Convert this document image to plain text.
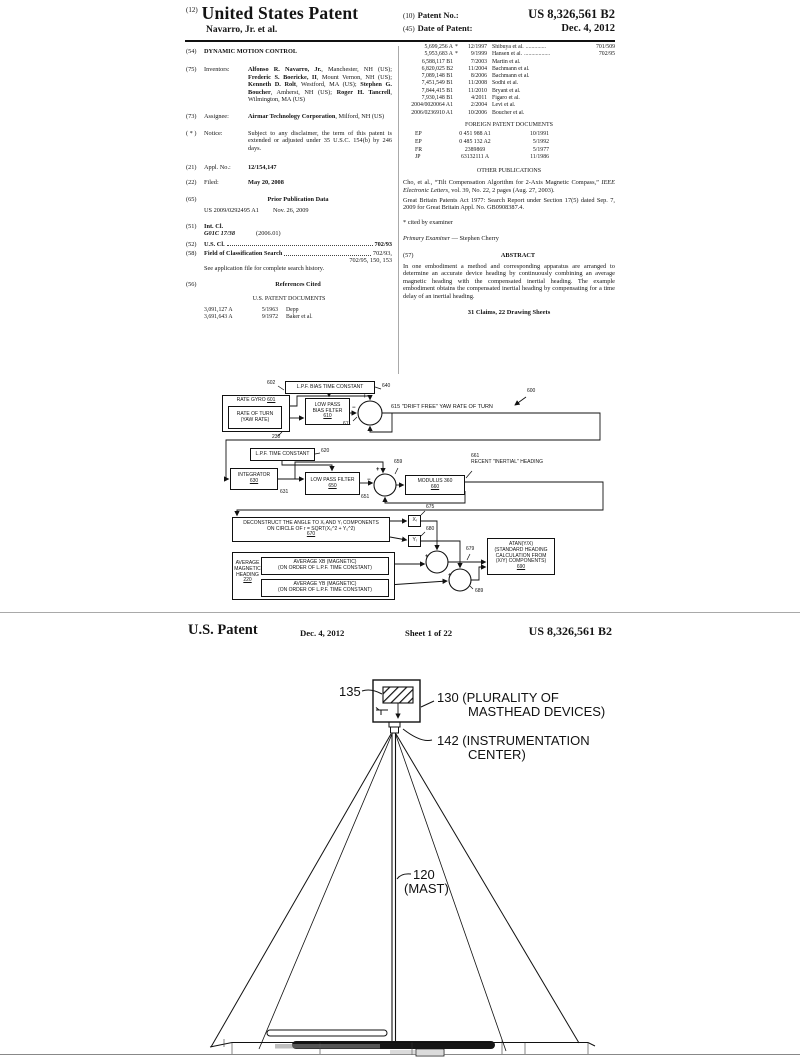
$^{(12)}$ United States Patent
Navarro, Jr. et al.
(10) Patent No.:	US 8,326,561 B2
(45) Date of Patent:	Dec. 4, 2012
(54)	DYNAMIC MOTION CONTROL
(75)	Inventors:	Alfonso R. Navarro, Jr., Manchester, NH (US); Frederic S. Boericke, II, Mount Vernon, NH (US); Kenneth D. Rolt, Westford, MA (US); Stephen G. Boucher, Amherst, NH (US); Roger H. Tancrell, Wilmington, MA (US)
(73)	Assignee:	Airmar Technology Corporation, Milford, NH (US)
( * )	Notice:	Subject to any disclaimer, the term of this patent is extended or adjusted under 35 U.S.C. 154(b) by 246 days.
(21)	Appl. No.:	12/154,147
(22)	Filed:	May 20, 2008
(65)	Prior Publication Data
US 2009/0292495 A1 Nov. 26, 2009
(51)	Int. Cl.
G01C 17/38	(2006.01)
(52)	U.S. Cl.	702/93
(58)	Field of Classification Search	702/93,
702/95, 150, 153
See application file for complete search history.
(56)	References Cited
U.S. PATENT DOCUMENTS
3,091,127 A	5/1963 Depp
3,691,643 A	9/1972 Baker et al.
5,699,256 A *	12/1997 Shibuya et al. ..............	701/509
5,953,683 A *	9/1999 Hansen et al. ..................	702/95
6,588,117 B1	7/2003 Martin et al.
6,820,025 B2	11/2004 Bachmann et al.
7,089,148 B1	8/2006 Bachmann et al.
7,451,549 B1	11/2008 Sodhi et al.
7,844,415 B1	11/2010 Bryant et al.
7,930,148 B1	4/2011 Figaro et al.
2004/0020064 A1	2/2004 Levi et al.
2006/0236910 A1	10/2006 Boucher et al.
FOREIGN PATENT DOCUMENTS
EP	0 451 988 A1	10/1991
EP	0 485 132 A2	5/1992
FR	2389869	5/1977
JP	63132111 A	11/1986
OTHER PUBLICATIONS
Cho, et al., “Tilt Compensation Algorithm for 2-Axis Magnetic Compass,” IEEE Electronic Letters, vol. 39, No. 22, 2 pages (Aug. 27, 2003).
Great Britain Patents Act 1977: Search Report under Section 17(5) dated Sep. 7, 2009 for Great Britain Appl. No. GB0908387.4.
* cited by examiner
Primary Examiner — Stephen Cherry
(57)	ABSTRACT
In one embodiment a method and corresponding apparatus are arranged to determine an accurate device heading by continuously combining an average magnetic heading with the compensated inertial heading. The example embodiment obtains the compensated inertial heading by compensating for a time delay of an inertial heading.
31 Claims, 22 Drawing Sheets
+
−
+
−
+
+
L.P.F. BIAS TIME CONSTANT
RATE GYRO 601
RATE OF TURN
(YAW RATE)
LOW PASS
BIAS FILTER
610
L.P.F. TIME CONSTANT
INTEGRATOR
630	LOW PASS FILTER
650
MODULUS 360
660
DECONSTRUCT THE ANGLE TO Xᵢ AND Yᵢ COMPONENTS
ON CIRCLE OF r = SQRT(X₀^2 + Y₀^2)
670
Xᵢ
Yᵢ
ATAN(Y/X)
(STANDARD HEADING
CALCULATION FROM
(X/Y) COMPONENTS)
690
AVERAGE
MAGNETIC
HEADING
220
AVERAGE XB (MAGNETIC)
(ON ORDER OF L.P.F. TIME CONSTANT)
AVERAGE YB (MAGNETIC)
(ON ORDER OF L.P.F. TIME CONSTANT)
615 "DRIFT FREE" YAW RATE OF TURN
661
RECENT "INERTIAL" HEADING
602	640
230
611
600
620
631
651
659
675
680
679
689
U.S. Patent	Dec. 4, 2012	Sheet 1 of 22	US 8,326,561 B2
135	130 (PLURALITY OF
MASTHEAD DEVICES)
142 (INSTRUMENTATION
CENTER)
120
(MAST)
